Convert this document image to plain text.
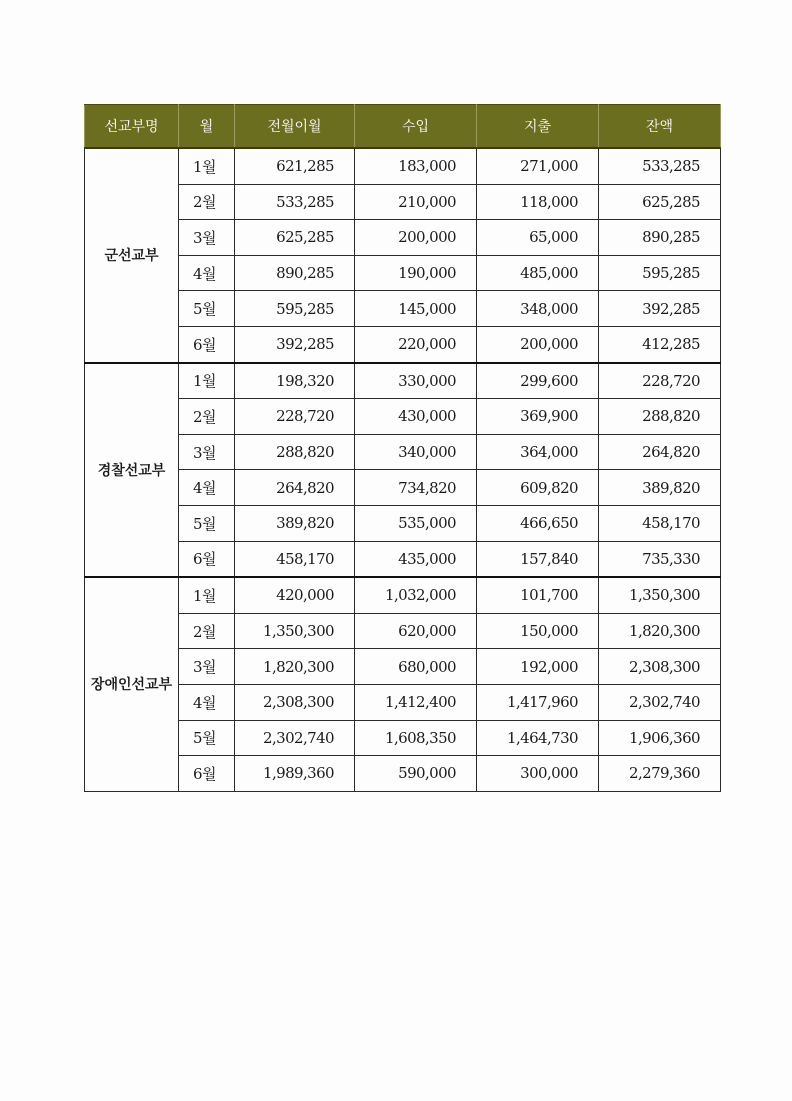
선교부명	월	전월이월	수입	지출	잔액
군선교부	1월	621,285	183,000	271,000	533,285
	2월	533,285	210,000	118,000	625,285
	3월	625,285	200,000	65,000	890,285
	4월	890,285	190,000	485,000	595,285
	5월	595,285	145,000	348,000	392,285
	6월	392,285	220,000	200,000	412,285
경찰선교부	1월	198,320	330,000	299,600	228,720
	2월	228,720	430,000	369,900	288,820
	3월	288,820	340,000	364,000	264,820
	4월	264,820	734,820	609,820	389,820
	5월	389,820	535,000	466,650	458,170
	6월	458,170	435,000	157,840	735,330
장애인선교부	1월	420,000	1,032,000	101,700	1,350,300
	2월	1,350,300	620,000	150,000	1,820,300
	3월	1,820,300	680,000	192,000	2,308,300
	4월	2,308,300	1,412,400	1,417,960	2,302,740
	5월	2,302,740	1,608,350	1,464,730	1,906,360
	6월	1,989,360	590,000	300,000	2,279,360
